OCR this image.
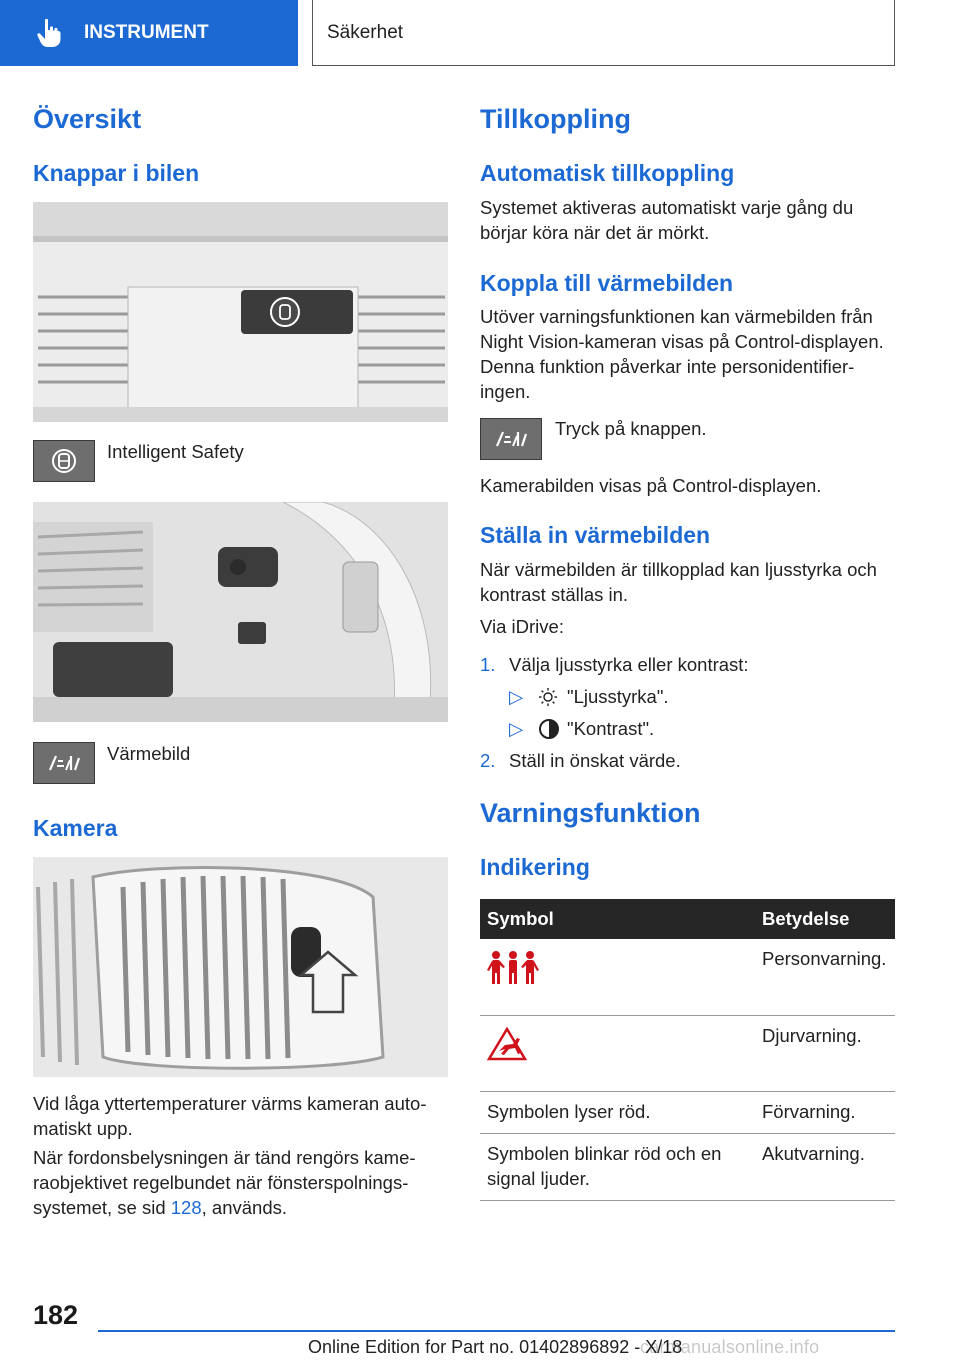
INSTRUMENT	Säkerhet
Översikt
Knappar i bilen
Intelligent Safety
Värmebild
Kamera
Vid låga yttertemperaturer värms kameran automatiskt upp.
När fordonsbelysningen är tänd rengörs kameraobjektivet regelbundet när fönsterspolningssystemet, se sid 128, används.
Tillkoppling
Automatisk tillkoppling
Systemet aktiveras automatiskt varje gång du börjar köra när det är mörkt.
Koppla till värmebilden
Utöver varningsfunktionen kan värmebilden från Night Vision-kameran visas på Control-displayen. Denna funktion påverkar inte personidentifieringen.
Tryck på knappen.
Kamerabilden visas på Control-displayen.
Ställa in värmebilden
När värmebilden är tillkopplad kan ljusstyrka och kontrast ställas in.
Via iDrive:
1. Välja ljusstyrka eller kontrast:
▷ "Ljusstyrka".
▷ "Kontrast".
2. Ställ in önskat värde.
Varningsfunktion
Indikering
Symbol	Betydelse
	Personvarning.
	Djurvarning.
Symbolen lyser röd.	Förvarning.
Symbolen blinkar röd och en signal ljuder.	Akutvarning.
182
Online Edition for Part no. 01402896892 - X/18
carmanualsonline.info
